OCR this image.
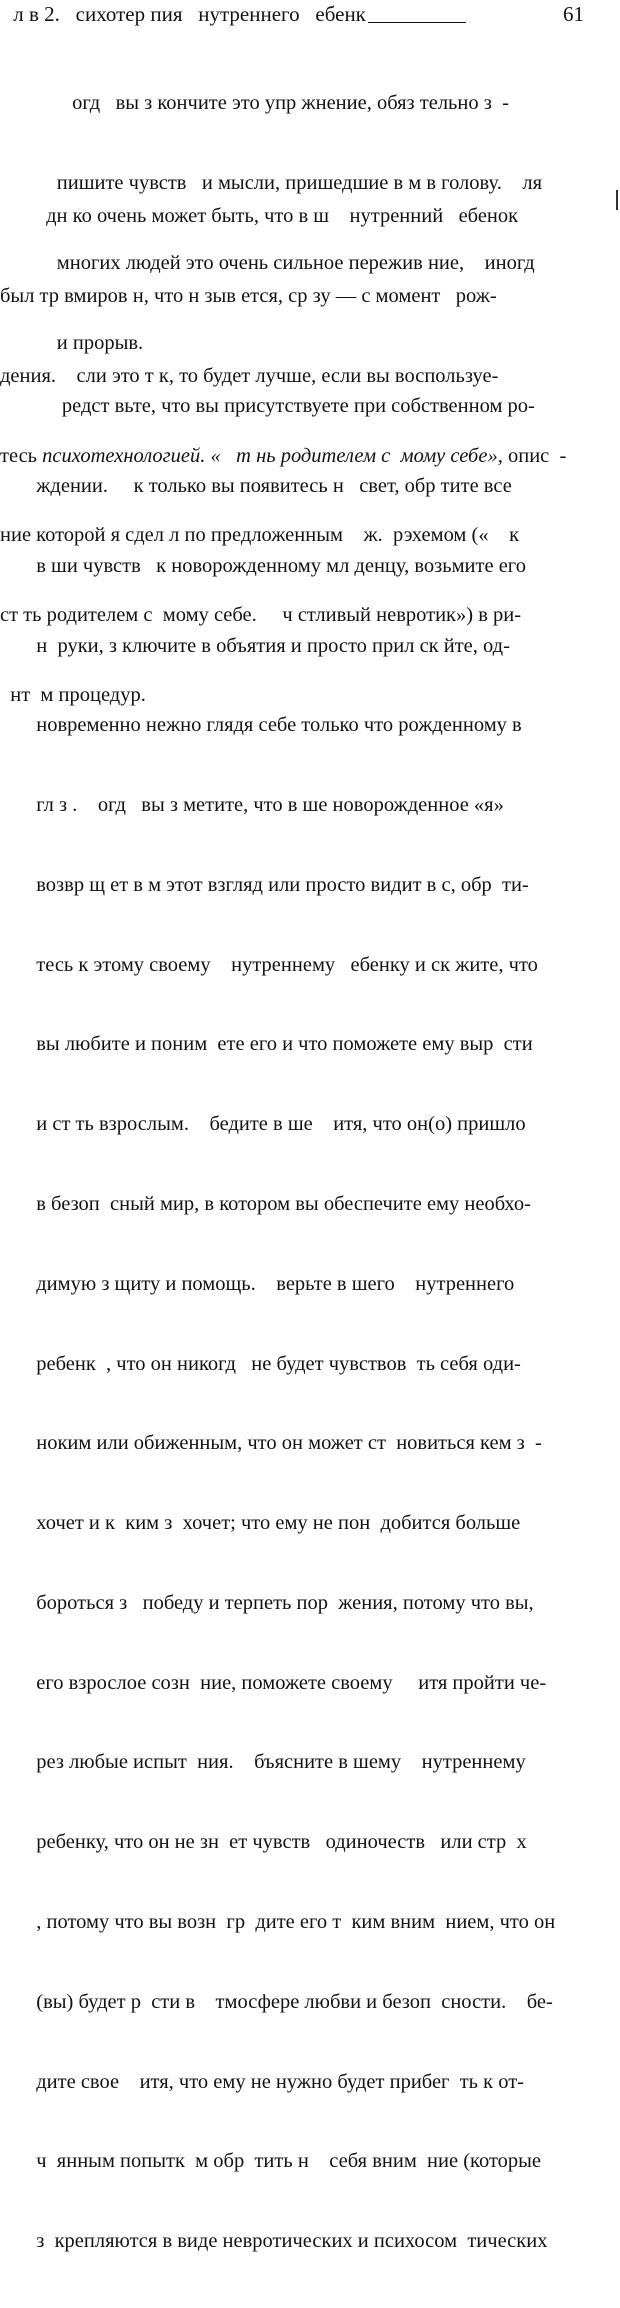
л в 2.   сихотер пия   нутреннего   ебенк	61

огд   вы з кончите это упр жнение, обяз тельно з  -

пишите чувств   и мысли, пришедшие в м в голову.    ля

многих людей это очень сильное пережив ние,    иногд

и прорыв.

дн ко очень может быть, что в ш    нутренний   ебенок

был тр вмиров н, что н зыв ется, ср зу — с момент   рож-

дения.    сли это т к, то будет лучше, если вы воспользуе-

тесь психотехнологией. «   т нь родителем с  мому себе», опис  -

ние которой я сдел л по предложенным    ж.  рэхемом («    к

ст ть родителем с  мому себе.     ч стливый невротик») в ри-

нт  м процедур.

редст вьте, что вы присутствуете при собственном ро-

ждении.     к только вы появитесь н   свет, обр тите все

в ши чувств   к новорожденному мл денцу, возьмите его

н  руки, з ключите в объятия и просто прил ск йте, од-

новременно нежно глядя себе только что рожденному в

гл з .    огд   вы з метите, что в ше новорожденное «я»

возвр щ ет в м этот взгляд или просто видит в с, обр  ти-

тесь к этому своему    нутреннему   ебенку и ск жите, что

вы любите и поним  ете его и что поможете ему выр  сти

и ст ть взрослым.    бедите в ше    итя, что он(о) пришло

в безоп  сный мир, в котором вы обеспечите ему необхо-

димую з щиту и помощь.    верьте в шего    нутреннего

ребенк  , что он никогд   не будет чувствов  ть себя оди-

ноким или обиженным, что он может ст  новиться кем з  -

хочет и к  ким з  хочет; что ему не пон  добится больше

бороться з   победу и терпеть пор  жения, потому что вы,

его взрослое созн  ние, поможете своему     итя пройти че-

рез любые испыт  ния.    бъясните в шему    нутреннему

ребенку, что он не зн  ет чувств   одиночеств   или стр  х

, потому что вы возн  гр  дите его т  ким вним  нием, что он

(вы) будет р  сти в    тмосфере любви и безоп  сности.    бе-

дите свое    итя, что ему не нужно будет прибег  ть к от-

ч  янным попытк  м обр  тить н    себя вним  ние (которые

з  крепляются в виде невротических и психосом  тических
